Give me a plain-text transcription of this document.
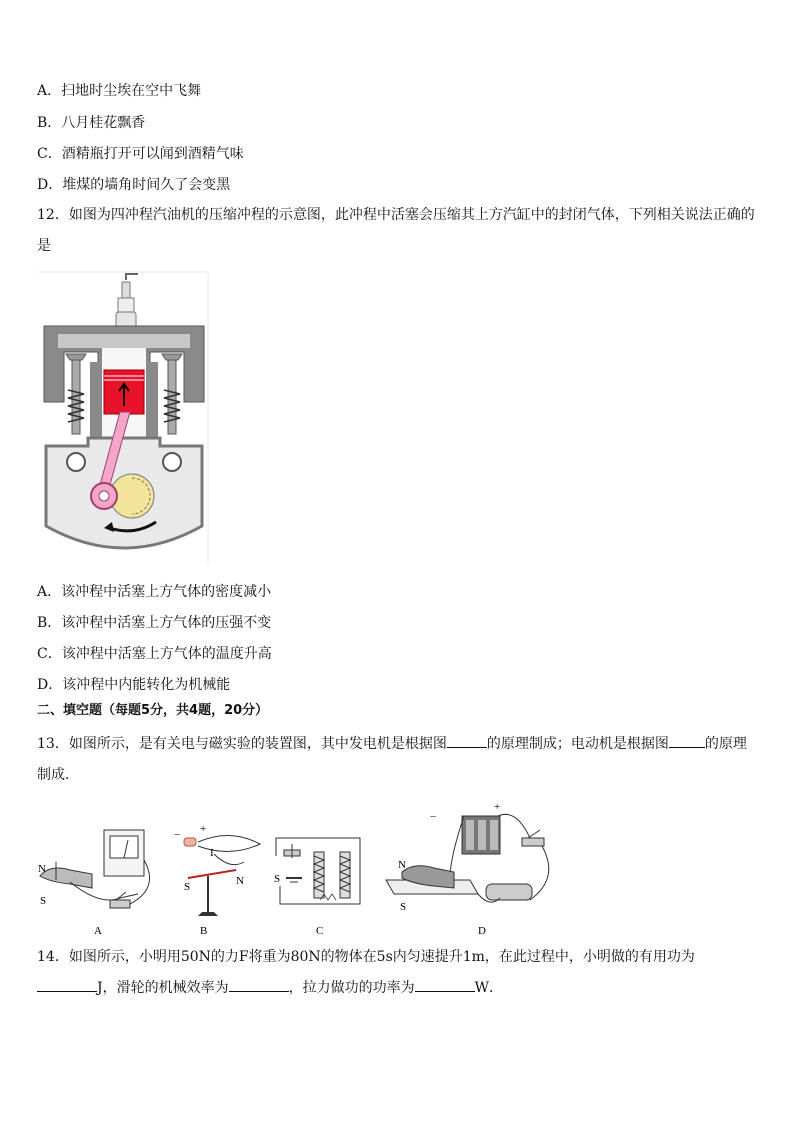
A．扫地时尘埃在空中飞舞
B．八月桂花飘香
C．酒精瓶打开可以闻到酒精气味
D．堆煤的墙角时间久了会变黑
12．如图为四冲程汽油机的压缩冲程的示意图，此冲程中活塞会压缩其上方汽缸中的封闭气体，下列相关说法正确的是
A．该冲程中活塞上方气体的密度减小
B．该冲程中活塞上方气体的压强不变
C．该冲程中活塞上方气体的温度升高
D．该冲程中内能转化为机械能
二、填空题（每题5分，共4题，20分）
13．如图所示，是有关电与磁实验的装置图，其中发电机是根据图	的原理制成；电动机是根据图	的原理制成．
N
S
A
− +
I
S	N
B
S
C
−
+
N
S
D
14．如图所示，小明用50N的力F将重为80N的物体在5s内匀速提升1m，在此过程中，小明做的有用功为
J，滑轮的机械效率为	，拉力做功的功率为	W．
